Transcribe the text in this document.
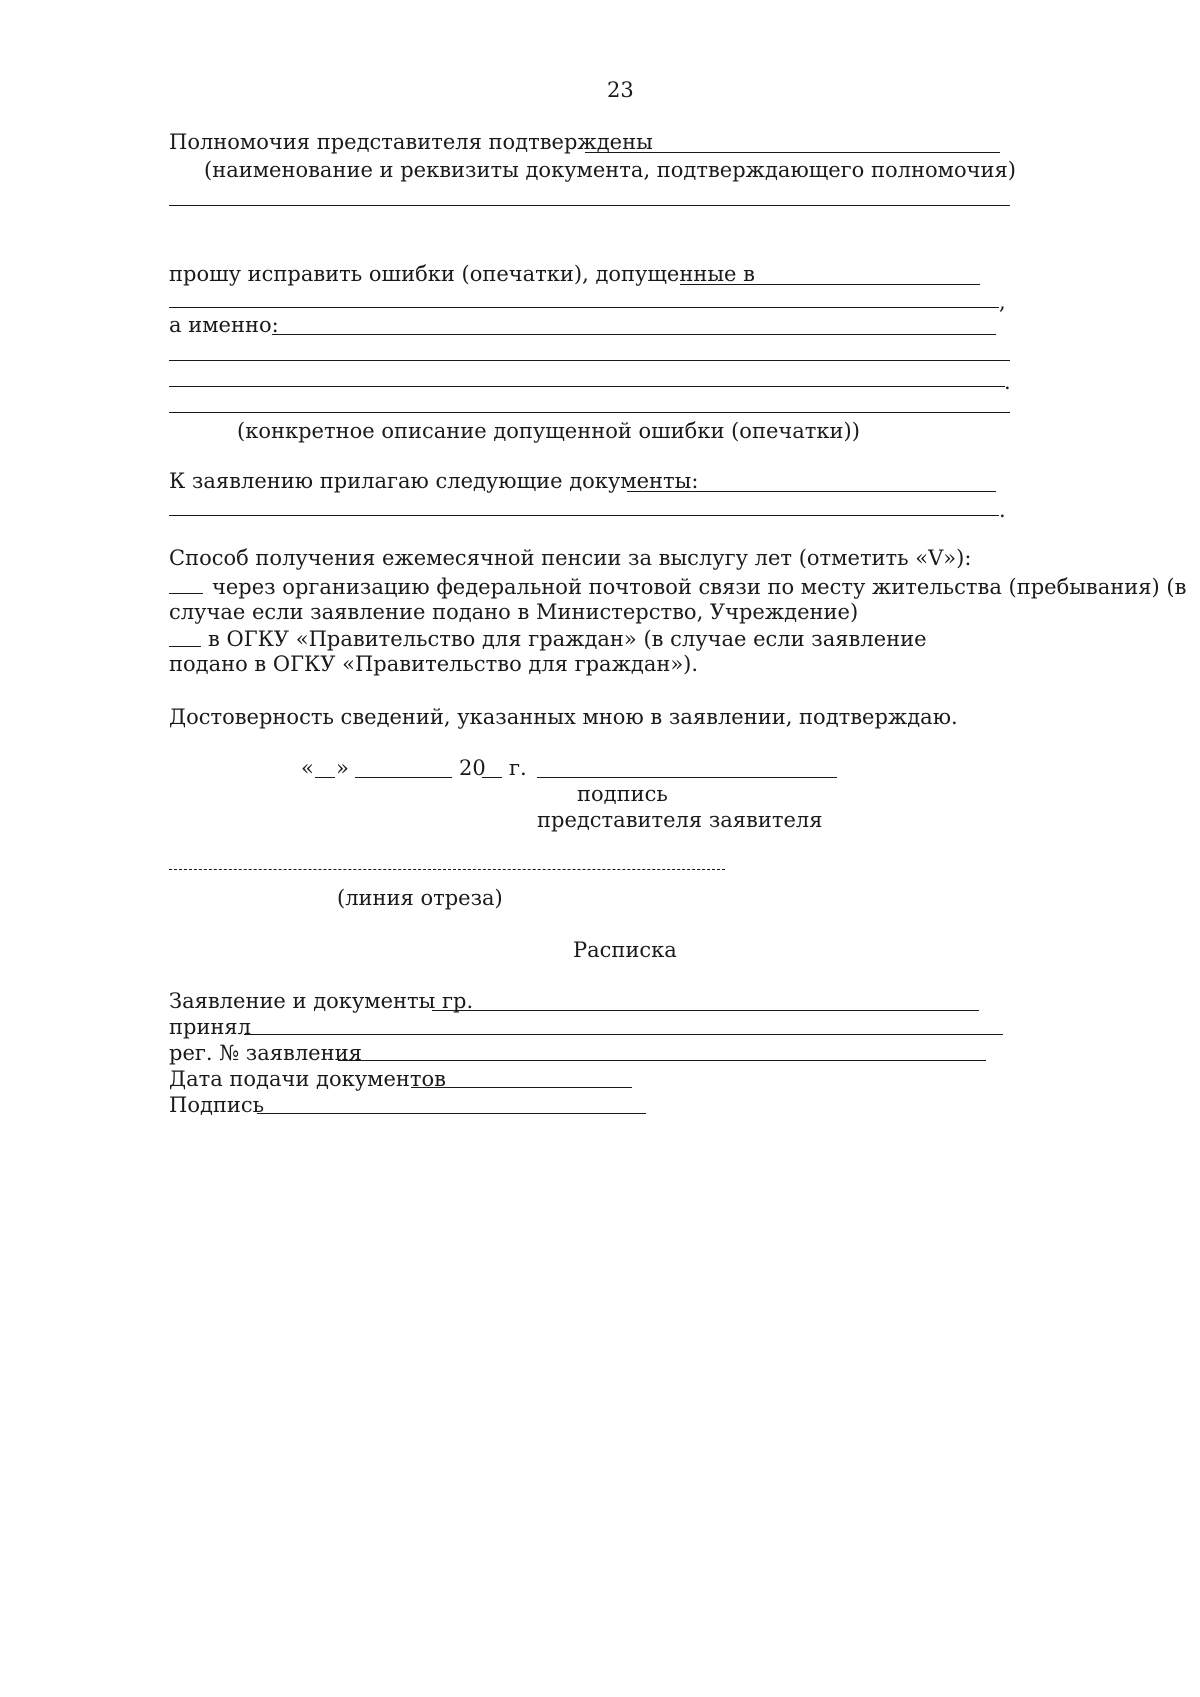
23
Полномочия представителя подтверждены
(наименование и реквизиты документа, подтверждающего полномочия)
прошу исправить ошибки (опечатки), допущенные в
,
а именно:
.
(конкретное описание допущенной ошибки (опечатки))
К заявлению прилагаю следующие документы:
.
Способ получения ежемесячной пенсии за выслугу лет (отметить «V»):
через организацию федеральной почтовой связи по месту жительства (пребывания) (в
случае если заявление подано в Министерство, Учреждение)
в ОГКУ «Правительство для граждан» (в случае если заявление
подано в ОГКУ «Правительство для граждан»).
Достоверность сведений, указанных мною в заявлении, подтверждаю.
« »	20 г.
подпись
представителя заявителя
(линия отреза)
Расписка
Заявление и документы гр.
принял
рег. № заявления
Дата подачи документов
Подпись
